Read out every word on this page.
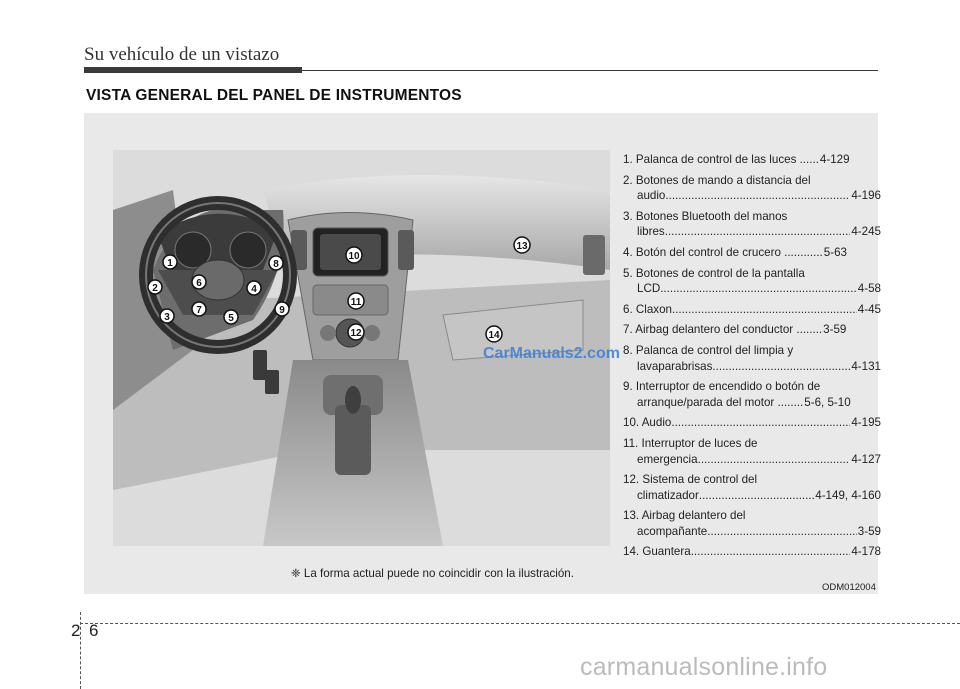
Su vehículo de un vistazo
VISTA GENERAL DEL PANEL DE INSTRUMENTOS
1
2
3
4
5
6
7
8
9
10
11
12
13
14
CarManuals2.com
1. Palanca de control de las luces ...... 4-129
2. Botones de mando a distancia del
audio .....	4-196
3. Botones Bluetooth del manos
libres .....	4-245
4. Botón del control de crucero ............ 5-63
5. Botones de control de la pantalla
LCD .....	4-58
6. Claxon .....	4-45
7. Airbag delantero del conductor ........ 3-59
8. Palanca de control del limpia y
lavaparabrisas .....	4-131
9. Interruptor de encendido o botón de
arranque/parada del motor ........ 5-6, 5-10
10. Audio .....	4-195
11. Interruptor de luces de
emergencia .....	4-127
12. Sistema de control del
climatizador .....	4-149, 4-160
13. Airbag delantero del
acompañante .....	3-59
14. Guantera .....	4-178
❈ La forma actual puede no coincidir con la ilustración.
ODM012004
2 6
carmanualsonline.info
